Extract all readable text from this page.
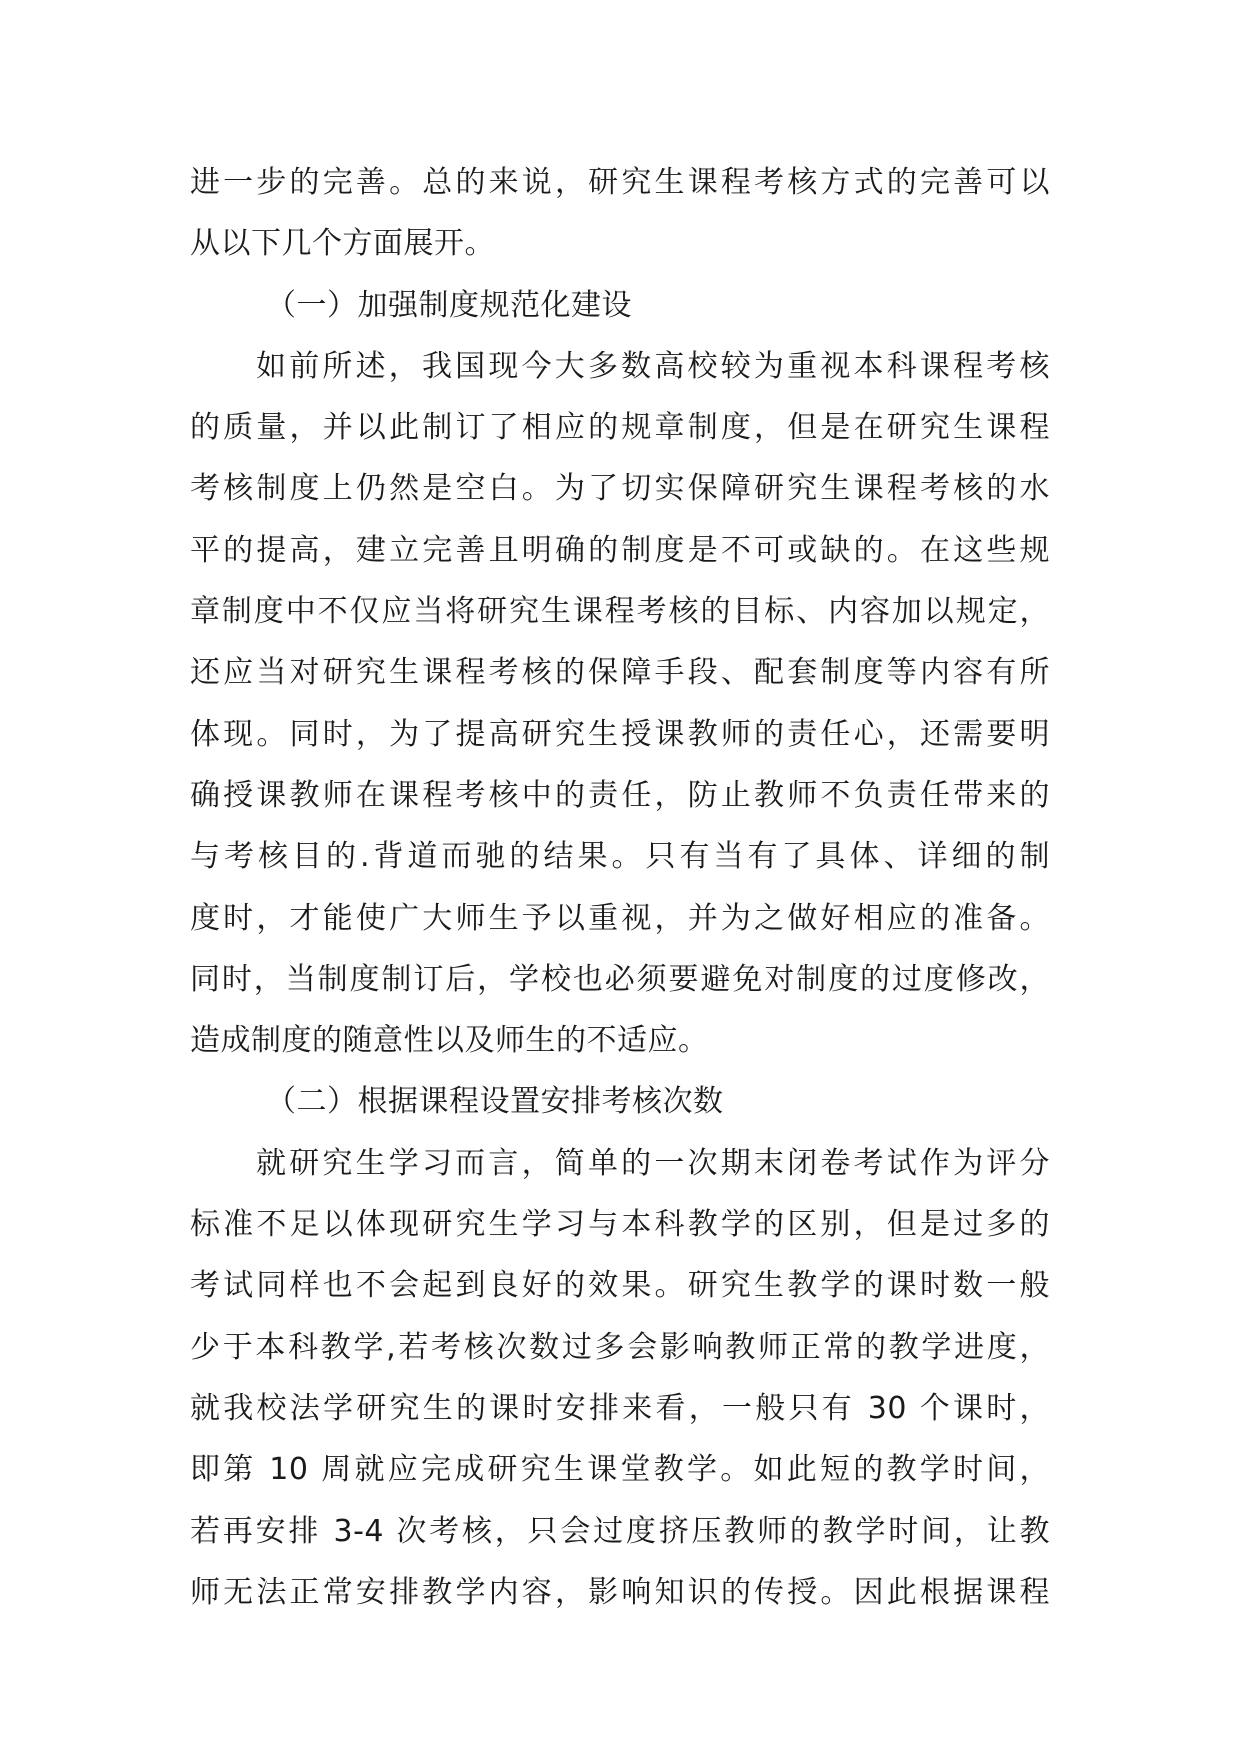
进一步的完善。总的来说，研究生课程考核方式的完善可以
从以下几个方面展开。
（一）加强制度规范化建设
如前所述，我国现今大多数高校较为重视本科课程考核
的质量，并以此制订了相应的规章制度，但是在研究生课程
考核制度上仍然是空白。为了切实保障研究生课程考核的水
平的提高，建立完善且明确的制度是不可或缺的。在这些规
章制度中不仅应当将研究生课程考核的目标、内容加以规定，
还应当对研究生课程考核的保障手段、配套制度等内容有所
体现。同时，为了提高研究生授课教师的责任心，还需要明
确授课教师在课程考核中的责任，防止教师不负责任带来的
与考核目的.背道而驰的结果。只有当有了具体、详细的制
度时，才能使广大师生予以重视，并为之做好相应的准备。
同时，当制度制订后，学校也必须要避免对制度的过度修改，
造成制度的随意性以及师生的不适应。
（二）根据课程设置安排考核次数
就研究生学习而言，简单的一次期末闭卷考试作为评分
标准不足以体现研究生学习与本科教学的区别，但是过多的
考试同样也不会起到良好的效果。研究生教学的课时数一般
少于本科教学,若考核次数过多会影响教师正常的教学进度，
就我校法学研究生的课时安排来看，一般只有 30 个课时，
即第 10 周就应完成研究生课堂教学。如此短的教学时间，
若再安排 3-4 次考核，只会过度挤压教师的教学时间，让教
师无法正常安排教学内容，影响知识的传授。因此根据课程
